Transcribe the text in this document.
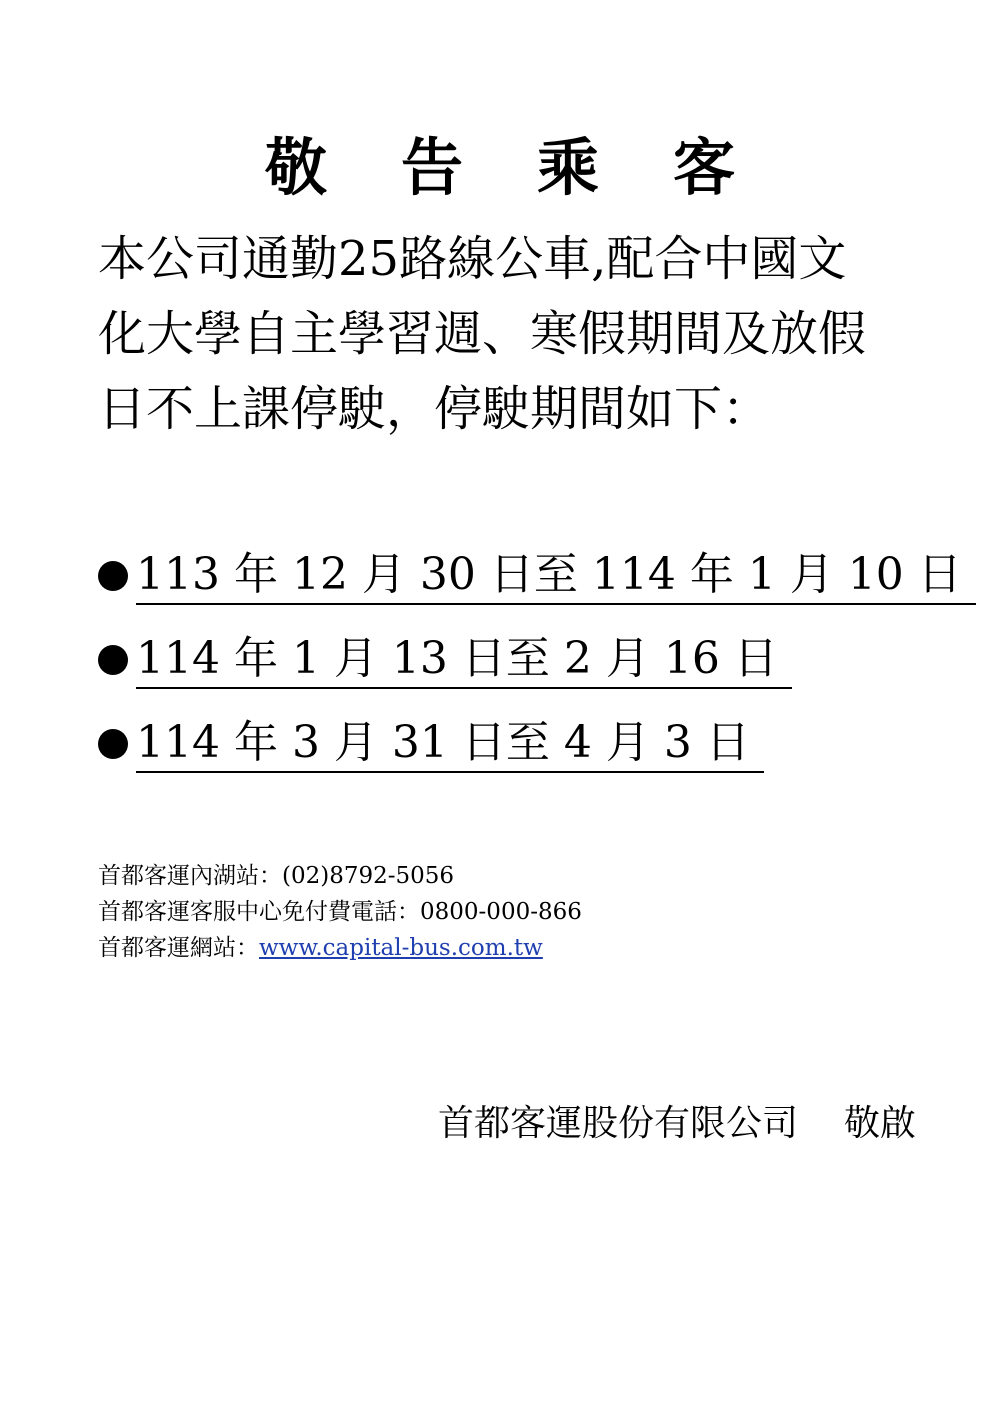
敬告乘客

本公司通勤25路線公車,配合中國文
化大學自主學習週、寒假期間及放假
日不上課停駛，停駛期間如下：

113 年 12 月 30 日至 114 年 1 月 10 日
114 年 1 月 13 日至 2 月 16 日
114 年 3 月 31 日至 4 月 3 日
首都客運內湖站：(02)8792-5056
首都客運客服中心免付費電話：0800-000-866
首都客運網站：www.capital-bus.com.tw
首都客運股份有限公司 敬啟
